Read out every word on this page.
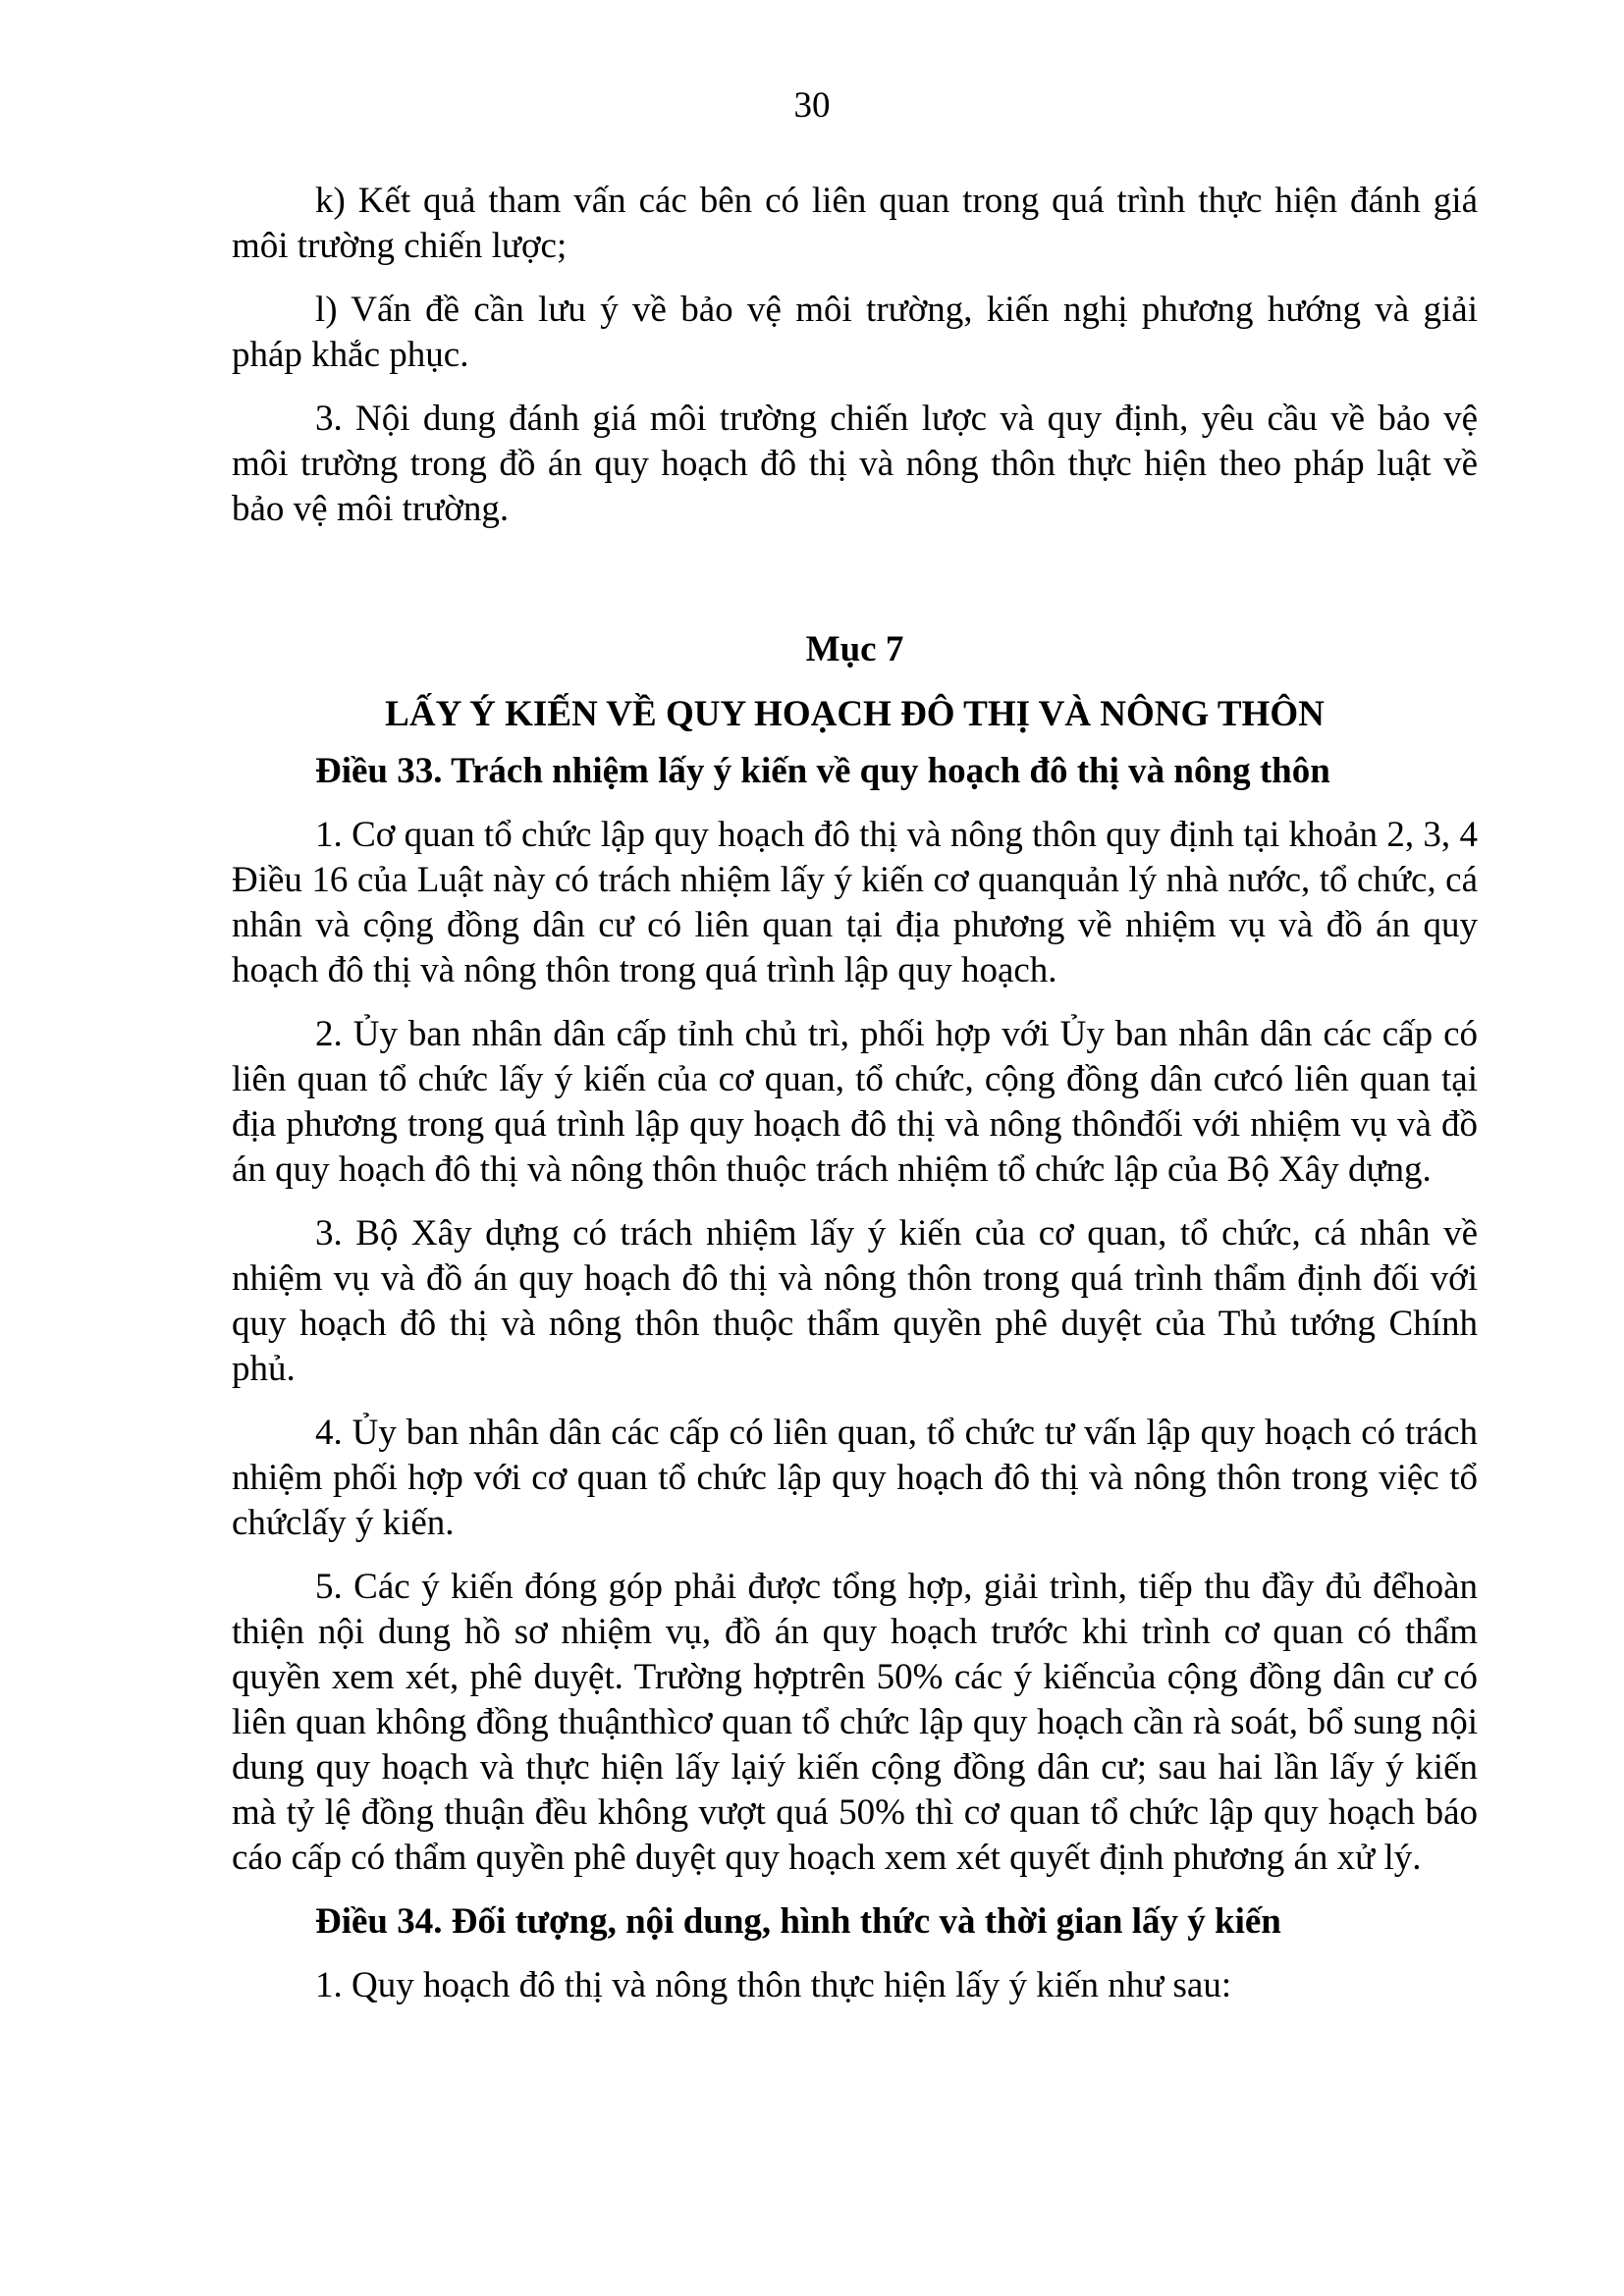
30

k) Kết quả tham vấn các bên có liên quan trong quá trình thực hiện đánh giá môi trường chiến lược;

l) Vấn đề cần lưu ý về bảo vệ môi trường, kiến nghị phương hướng và giải pháp khắc phục.

3. Nội dung đánh giá môi trường chiến lược và quy định, yêu cầu về bảo vệ môi trường trong đồ án quy hoạch đô thị và nông thôn thực hiện theo pháp luật về bảo vệ môi trường.

Mục 7
LẤY Ý KIẾN VỀ QUY HOẠCH ĐÔ THỊ VÀ NÔNG THÔN
Điều 33. Trách nhiệm lấy ý kiến về quy hoạch đô thị và nông thôn

1. Cơ quan tổ chức lập quy hoạch đô thị và nông thôn quy định tại khoản 2, 3, 4 Điều 16 của Luật này có trách nhiệm lấy ý kiến cơ quanquản lý nhà nước, tổ chức, cá nhân và cộng đồng dân cư có liên quan tại địa phương về nhiệm vụ và đồ án quy hoạch đô thị và nông thôn trong quá trình lập quy hoạch.

2. Ủy ban nhân dân cấp tỉnh chủ trì, phối hợp với Ủy ban nhân dân các cấp có liên quan tổ chức lấy ý kiến của cơ quan, tổ chức, cộng đồng dân cưcó liên quan tại địa phương trong quá trình lập quy hoạch đô thị và nông thônđối với nhiệm vụ và đồ án quy hoạch đô thị và nông thôn thuộc trách nhiệm tổ chức lập của Bộ Xây dựng.

3. Bộ Xây dựng có trách nhiệm lấy ý kiến của cơ quan, tổ chức, cá nhân về nhiệm vụ và đồ án quy hoạch đô thị và nông thôn trong quá trình thẩm định đối với quy hoạch đô thị và nông thôn thuộc thẩm quyền phê duyệt của Thủ tướng Chính phủ.

4. Ủy ban nhân dân các cấp có liên quan, tổ chức tư vấn lập quy hoạch có trách nhiệm phối hợp với cơ quan tổ chức lập quy hoạch đô thị và nông thôn trong việc tổ chứclấy ý kiến.

5. Các ý kiến đóng góp phải được tổng hợp, giải trình, tiếp thu đầy đủ đểhoàn thiện nội dung hồ sơ nhiệm vụ, đồ án quy hoạch trước khi trình cơ quan có thẩm quyền xem xét, phê duyệt. Trường hợptrên 50% các ý kiếncủa cộng đồng dân cư có liên quan không đồng thuậnthìcơ quan tổ chức lập quy hoạch cần rà soát, bổ sung nội dung quy hoạch và thực hiện lấy lạiý kiến cộng đồng dân cư; sau hai lần lấy ý kiến mà tỷ lệ đồng thuận đều không vượt quá 50% thì cơ quan tổ chức lập quy hoạch báo cáo cấp có thẩm quyền phê duyệt quy hoạch xem xét quyết định phương án xử lý.

Điều 34. Đối tượng, nội dung, hình thức và thời gian lấy ý kiến

1. Quy hoạch đô thị và nông thôn thực hiện lấy ý kiến như sau:
